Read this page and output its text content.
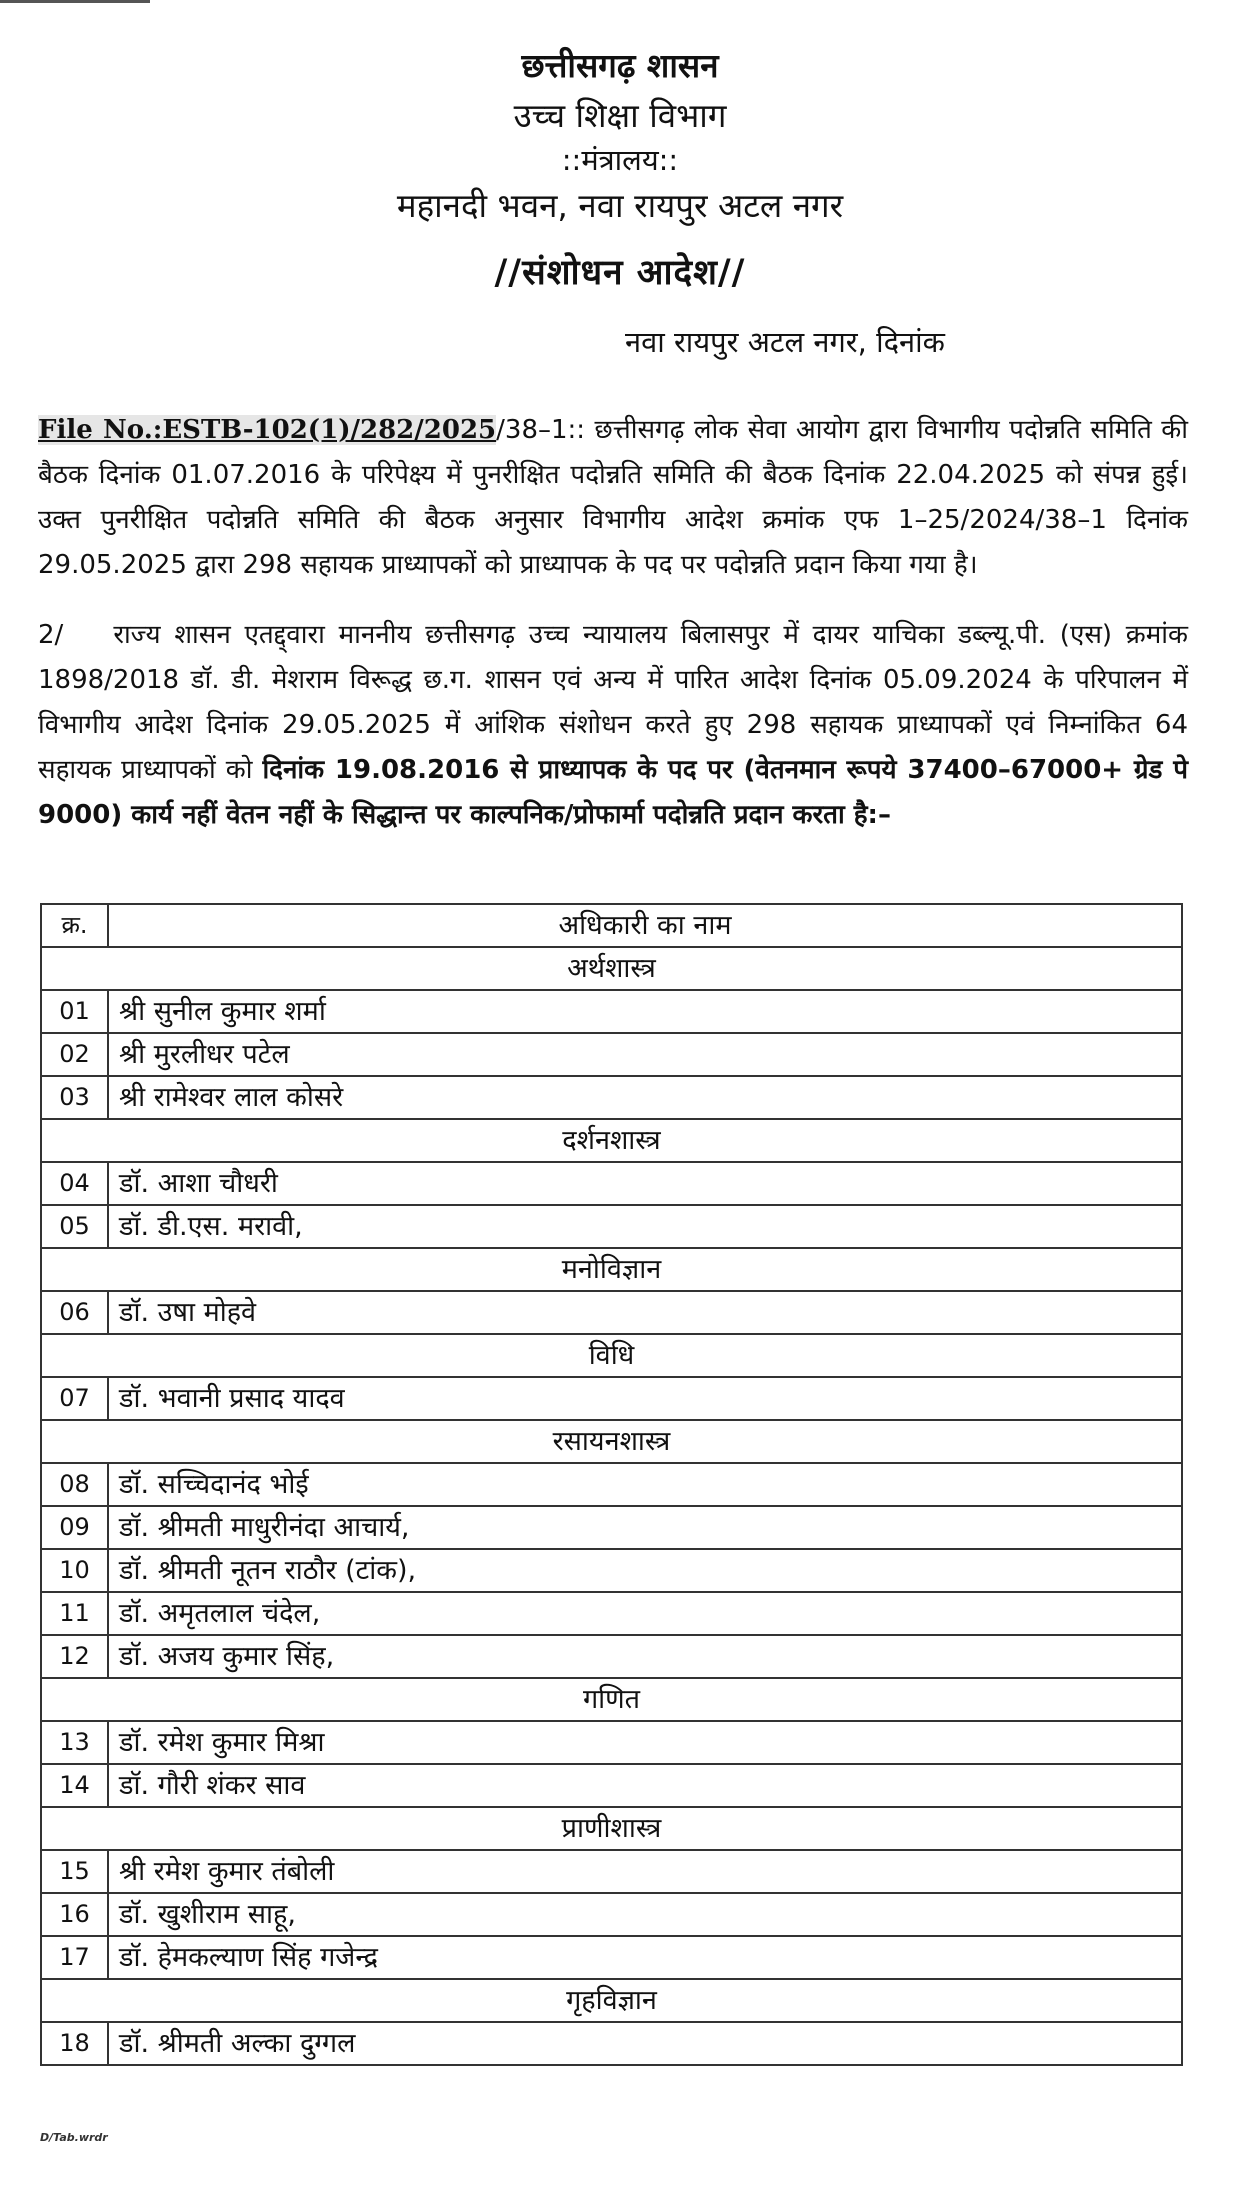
छत्तीसगढ़ शासन
उच्च शिक्षा विभाग
::मंत्रालय::
महानदी भवन, नवा रायपुर अटल नगर
//संशोधन आदेश//
नवा रायपुर अटल नगर, दिनांक
File No.:ESTB-102(1)/282/2025/38–1:: छत्तीसगढ़ लोक सेवा आयोग द्वारा विभागीय पदोन्नति समिति की बैठक दिनांक 01.07.2016 के परिपेक्ष्य में पुनरीक्षित पदोन्नति समिति की बैठक दिनांक 22.04.2025 को संपन्न हुई। उक्त पुनरीक्षित पदोन्नति समिति की बैठक अनुसार विभागीय आदेश क्रमांक एफ 1–25/2024/38–1 दिनांक 29.05.2025 द्वारा 298 सहायक प्राध्यापकों को प्राध्यापक के पद पर पदोन्नति प्रदान किया गया है।
2/ राज्य शासन एतद्द्वारा माननीय छत्तीसगढ़ उच्च न्यायालय बिलासपुर में दायर याचिका डब्ल्यू.पी. (एस) क्रमांक 1898/2018 डॉ. डी. मेशराम विरूद्ध छ.ग. शासन एवं अन्य में पारित आदेश दिनांक 05.09.2024 के परिपालन में विभागीय आदेश दिनांक 29.05.2025 में आंशिक संशोधन करते हुए 298 सहायक प्राध्यापकों एवं निम्नांकित 64 सहायक प्राध्यापकों को दिनांक 19.08.2016 से प्राध्यापक के पद पर (वेतनमान रूपये 37400–67000+ ग्रेड पे 9000) कार्य नहीं वेतन नहीं के सिद्धान्त पर काल्पनिक/प्रोफार्मा पदोन्नति प्रदान करता है:–
क्र.	अधिकारी का नाम
अर्थशास्त्र	
01	श्री सुनील कुमार शर्मा
02	श्री मुरलीधर पटेल
03	श्री रामेश्वर लाल कोसरे
दर्शनशास्त्र	
04	डॉ. आशा चौधरी
05	डॉ. डी.एस. मरावी,
मनोविज्ञान	
06	डॉ. उषा मोहवे
विधि	
07	डॉ. भवानी प्रसाद यादव
रसायनशास्त्र	
08	डॉ. सच्चिदानंद भोई
09	डॉ. श्रीमती माधुरीनंदा आचार्य,
10	डॉ. श्रीमती नूतन राठौर (टांक),
11	डॉ. अमृतलाल चंदेल,
12	डॉ. अजय कुमार सिंह,
गणित	
13	डॉ. रमेश कुमार मिश्रा
14	डॉ. गौरी शंकर साव
प्राणीशास्त्र	
15	श्री रमेश कुमार तंबोली
16	डॉ. खुशीराम साहू,
17	डॉ. हेमकल्याण सिंह गजेन्द्र
गृहविज्ञान	
18	डॉ. श्रीमती अल्का दुग्गल
D/Tab.wrdr
